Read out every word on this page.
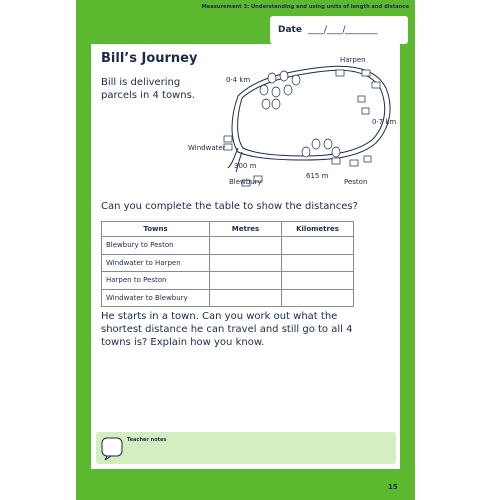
Measurement 3: Understanding and using units of length and distance
Date ____/____/________
Bill’s Journey
Bill is delivering parcels in 4 towns.
Harpen
Windwater
Blewbury	Peston
0·4 km
0·7 km
300 m
615 m
Can you complete the table to show the distances?
Towns	Metres	Kilometres
Blewbury to Peston		
Windwater to Harpen		
Harpen to Peston		
Windwater to Blewbury		
He starts in a town. Can you work out what the shortest distance he can travel and still go to all 4 towns is? Explain how you know.
Teacher notes
15
